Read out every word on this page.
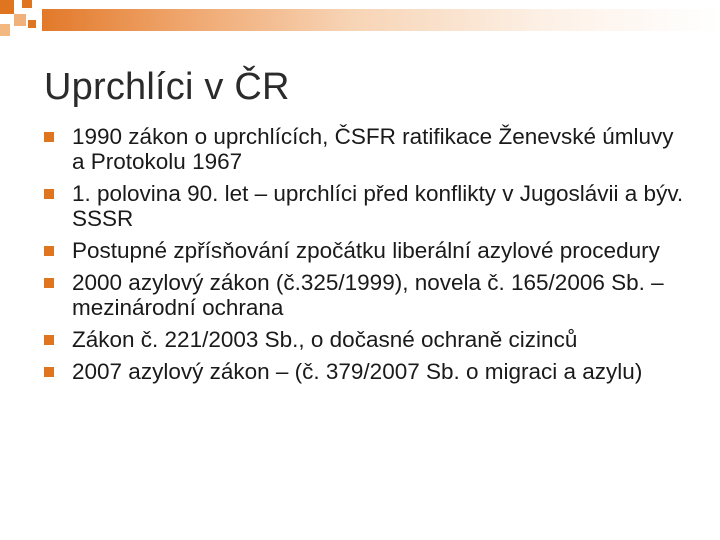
Uprchlíci v ČR
1990 zákon o uprchlících, ČSFR ratifikace Ženevské úmluvy a Protokolu 1967
1. polovina 90. let – uprchlíci před konflikty v Jugoslávii a býv. SSSR
Postupné zpřísňování zpočátku liberální azylové procedury
2000 azylový zákon (č.325/1999), novela č. 165/2006 Sb. – mezinárodní ochrana
Zákon č. 221/2003 Sb., o dočasné ochraně cizinců
2007 azylový zákon – (č. 379/2007 Sb. o migraci a azylu)
